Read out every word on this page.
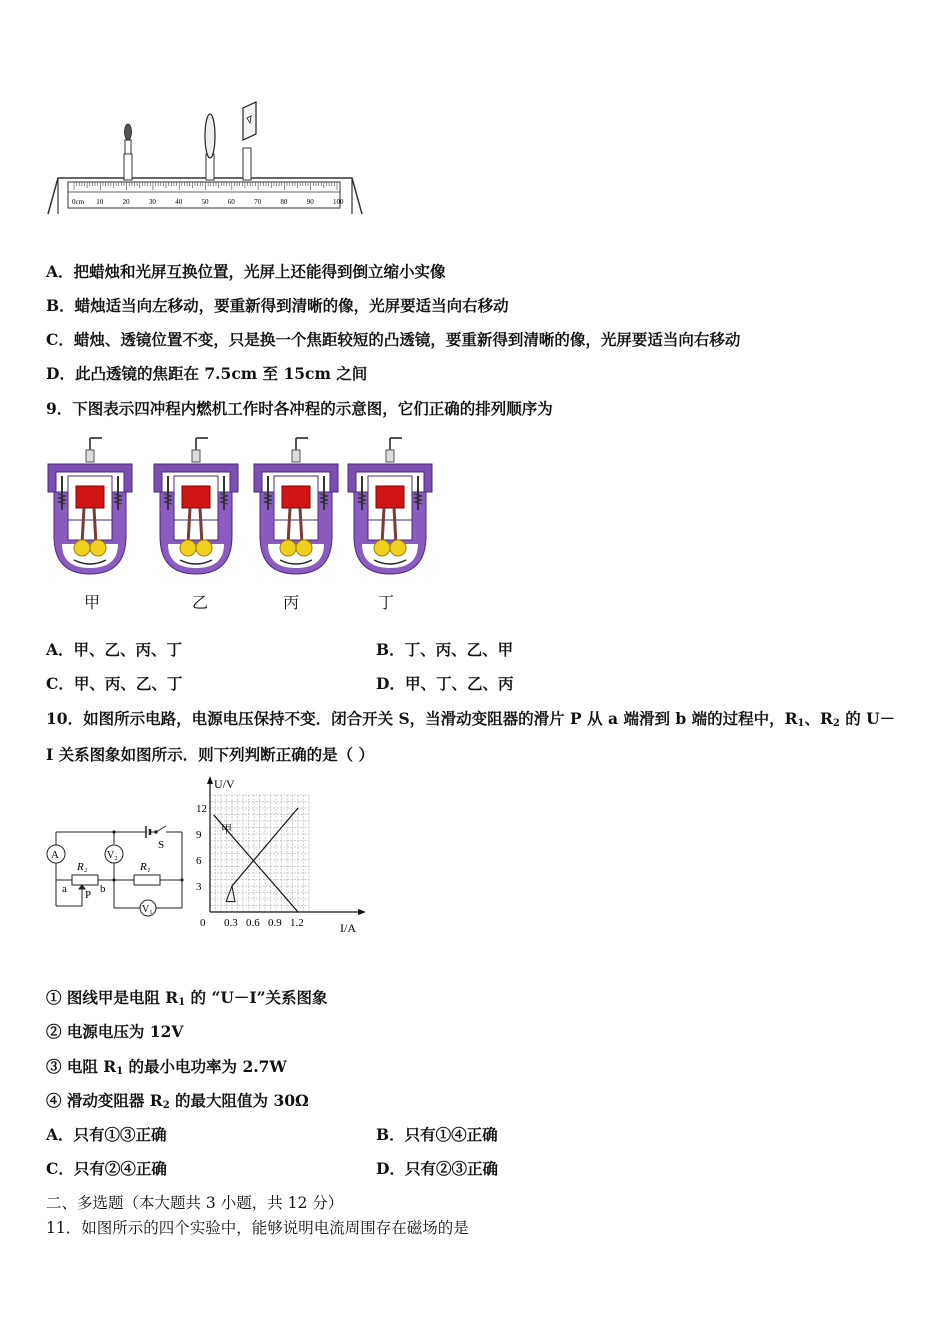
0cm 10	20	30	40	50	60	70	80	90	100
A．把蜡烛和光屏互换位置，光屏上还能得到倒立缩小实像
B．蜡烛适当向左移动，要重新得到清晰的像，光屏要适当向右移动
C．蜡烛、透镜位置不变，只是换一个焦距较短的凸透镜，要重新得到清晰的像，光屏要适当向右移动
D．此凸透镜的焦距在 7.5cm 至 15cm 之间
9．下图表示四冲程内燃机工作时各冲程的示意图，它们正确的排列顺序为
甲	乙	丙	丁
A．甲、乙、丙、丁	B．丁、丙、乙、甲
C．甲、丙、乙、丁	D．甲、丁、乙、丙
10．如图所示电路，电源电压保持不变．闭合开关 S，当滑动变阻器的滑片 P 从 a 端滑到 b 端的过程中，$R_1$、$R_2$ 的 U－
I 关系图象如图所示．则下列判断正确的是（ ）
A	V₂
V₁
S
R₂	R₁
a	b
P
U/V
I/A
甲
12
9
6
3
0 0.3 0.6 0.9 1.2
① 图线甲是电阻 $R_1$ 的 “U－I”关系图象
② 电源电压为 12V
③ 电阻 $R_1$ 的最小电功率为 2.7W
④ 滑动变阻器 $R_2$ 的最大阻值为 30Ω
A．只有①③正确	B．只有①④正确
C．只有②④正确	D．只有②③正确
二、多选题（本大题共 3 小题，共 12 分）
11．如图所示的四个实验中，能够说明电流周围存在磁场的是
